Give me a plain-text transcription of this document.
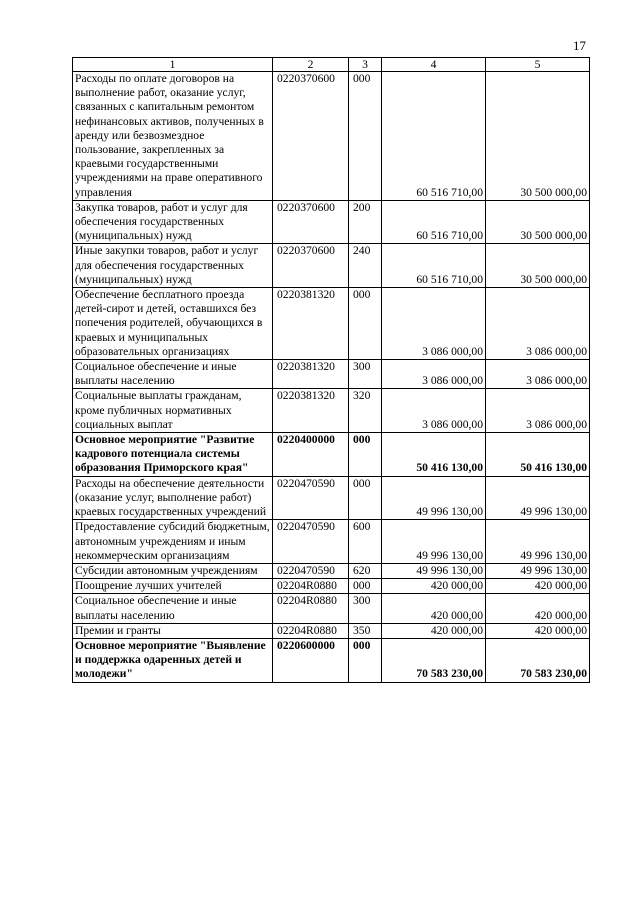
17
1	2	3	4	5
Расходы по оплате договоров на выполнение работ, оказание услуг, связанных с капитальным ремонтом нефинансовых активов, полученных в аренду или безвозмездное пользование, закрепленных за краевыми государственными учреждениями на праве оперативного управления	0220370600	000	60 516 710,00	30 500 000,00
Закупка товаров, работ и услуг для обеспечения государственных (муниципальных) нужд	0220370600	200	60 516 710,00	30 500 000,00
Иные закупки товаров, работ и услуг для обеспечения государственных (муниципальных) нужд	0220370600	240	60 516 710,00	30 500 000,00
Обеспечение бесплатного проезда детей-сирот и детей, оставшихся без попечения родителей, обучающихся в краевых и муниципальных образовательных организациях	0220381320	000	3 086 000,00	3 086 000,00
Социальное обеспечение и иные выплаты населению	0220381320	300	3 086 000,00	3 086 000,00
Социальные выплаты гражданам, кроме публичных нормативных социальных выплат	0220381320	320	3 086 000,00	3 086 000,00
Основное мероприятие "Развитие кадрового потенциала системы образования Приморского края"	0220400000	000	50 416 130,00	50 416 130,00
Расходы на обеспечение деятельности (оказание услуг, выполнение работ) краевых государственных учреждений	0220470590	000	49 996 130,00	49 996 130,00
Предоставление субсидий бюджетным, автономным учреждениям и иным некоммерческим организациям	0220470590	600	49 996 130,00	49 996 130,00
Субсидии автономным учреждениям	0220470590	620	49 996 130,00	49 996 130,00
Поощрение лучших учителей	02204R0880	000	420 000,00	420 000,00
Социальное обеспечение и иные выплаты населению	02204R0880	300	420 000,00	420 000,00
Премии и гранты	02204R0880	350	420 000,00	420 000,00
Основное мероприятие "Выявление и поддержка одаренных детей и молодежи"	0220600000	000	70 583 230,00	70 583 230,00
